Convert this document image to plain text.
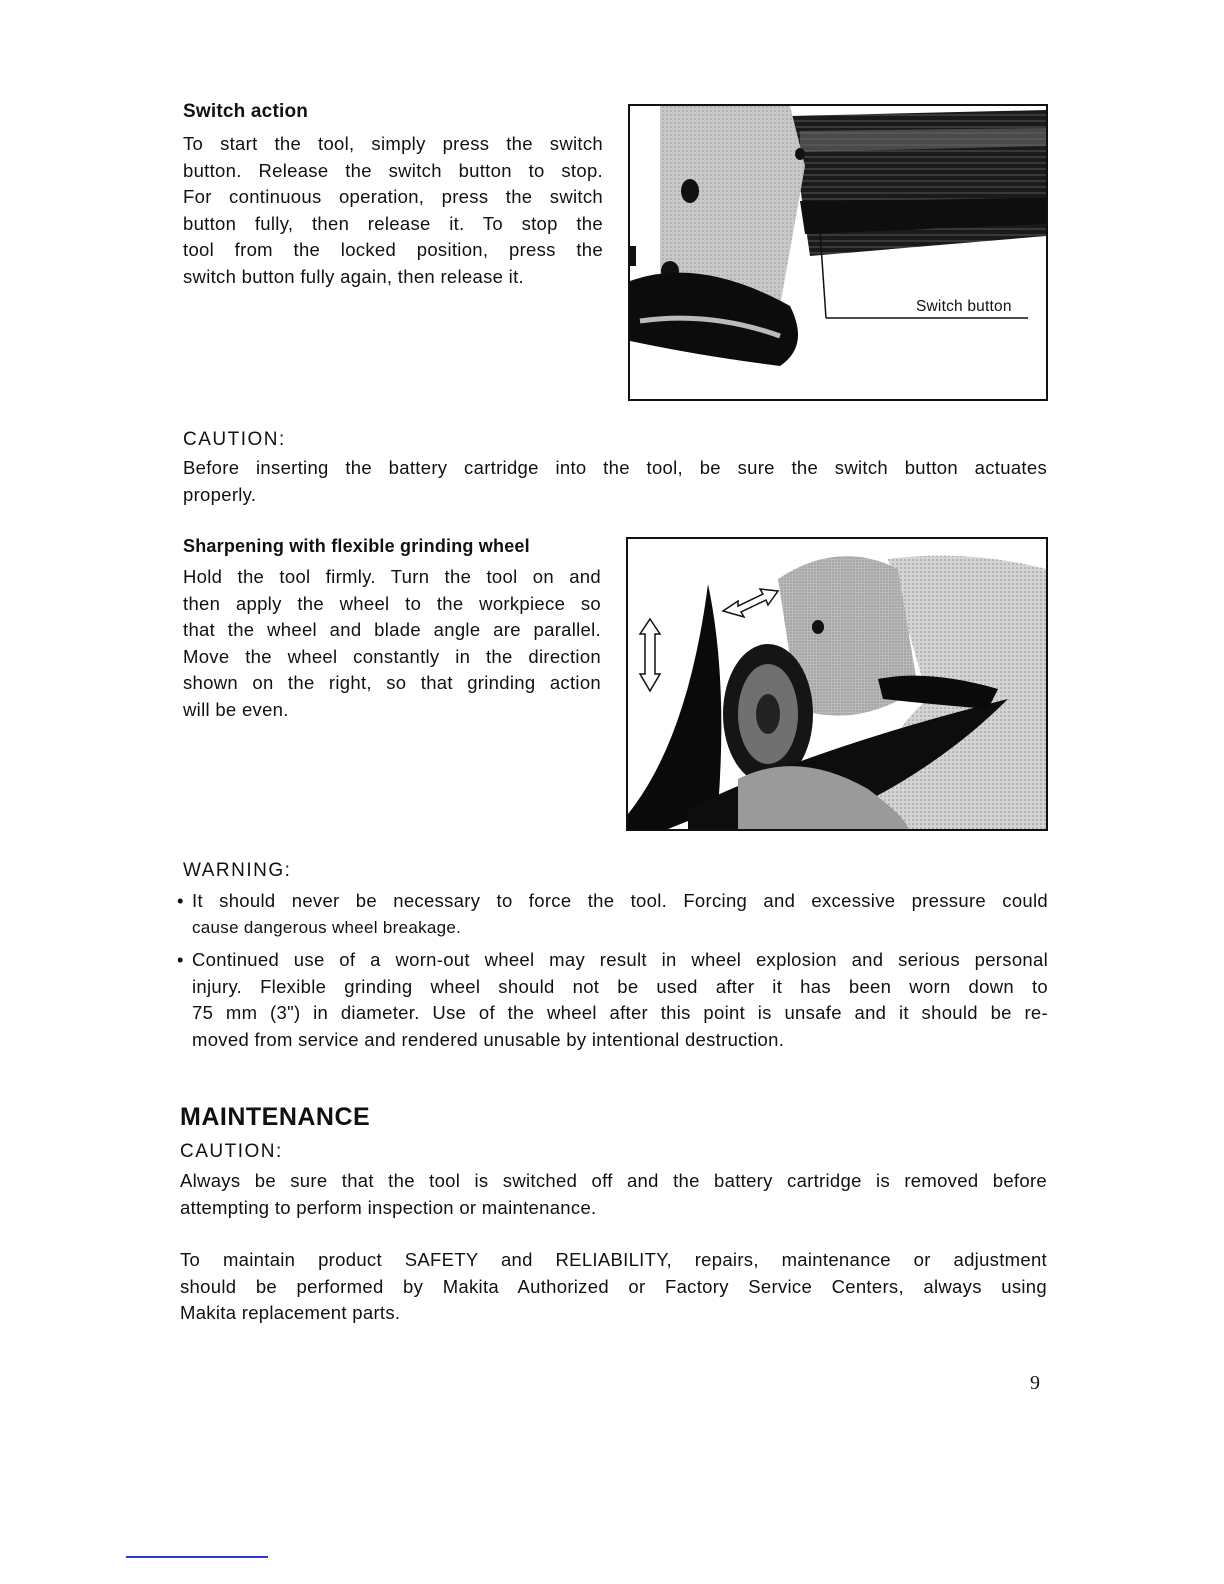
Switch action
To start the tool, simply press the switch
button. Release the switch button to stop.
For continuous operation, press the switch
button fully, then release it. To stop the
tool from the locked position, press the
switch button fully again, then release it.
Switch button
CAUTION:
Before inserting the battery cartridge into the tool, be sure the switch button actuates
properly.
Sharpening with flexible grinding wheel
Hold the tool firmly. Turn the tool on and
then apply the wheel to the workpiece so
that the wheel and blade angle are parallel.
Move the wheel constantly in the direction
shown on the right, so that grinding action
will be even.
WARNING:
• It should never be necessary to force the tool. Forcing and excessive pressure could
cause dangerous wheel breakage.
• Continued use of a worn-out wheel may result in wheel explosion and serious personal
injury. Flexible grinding wheel should not be used after it has been worn down to
75 mm (3") in diameter. Use of the wheel after this point is unsafe and it should be re-
moved from service and rendered unusable by intentional destruction.
MAINTENANCE
CAUTION:
Always be sure that the tool is switched off and the battery cartridge is removed before
attempting to perform inspection or maintenance.
To maintain product SAFETY and RELIABILITY, repairs, maintenance or adjustment
should be performed by Makita Authorized or Factory Service Centers, always using
Makita replacement parts.
9
